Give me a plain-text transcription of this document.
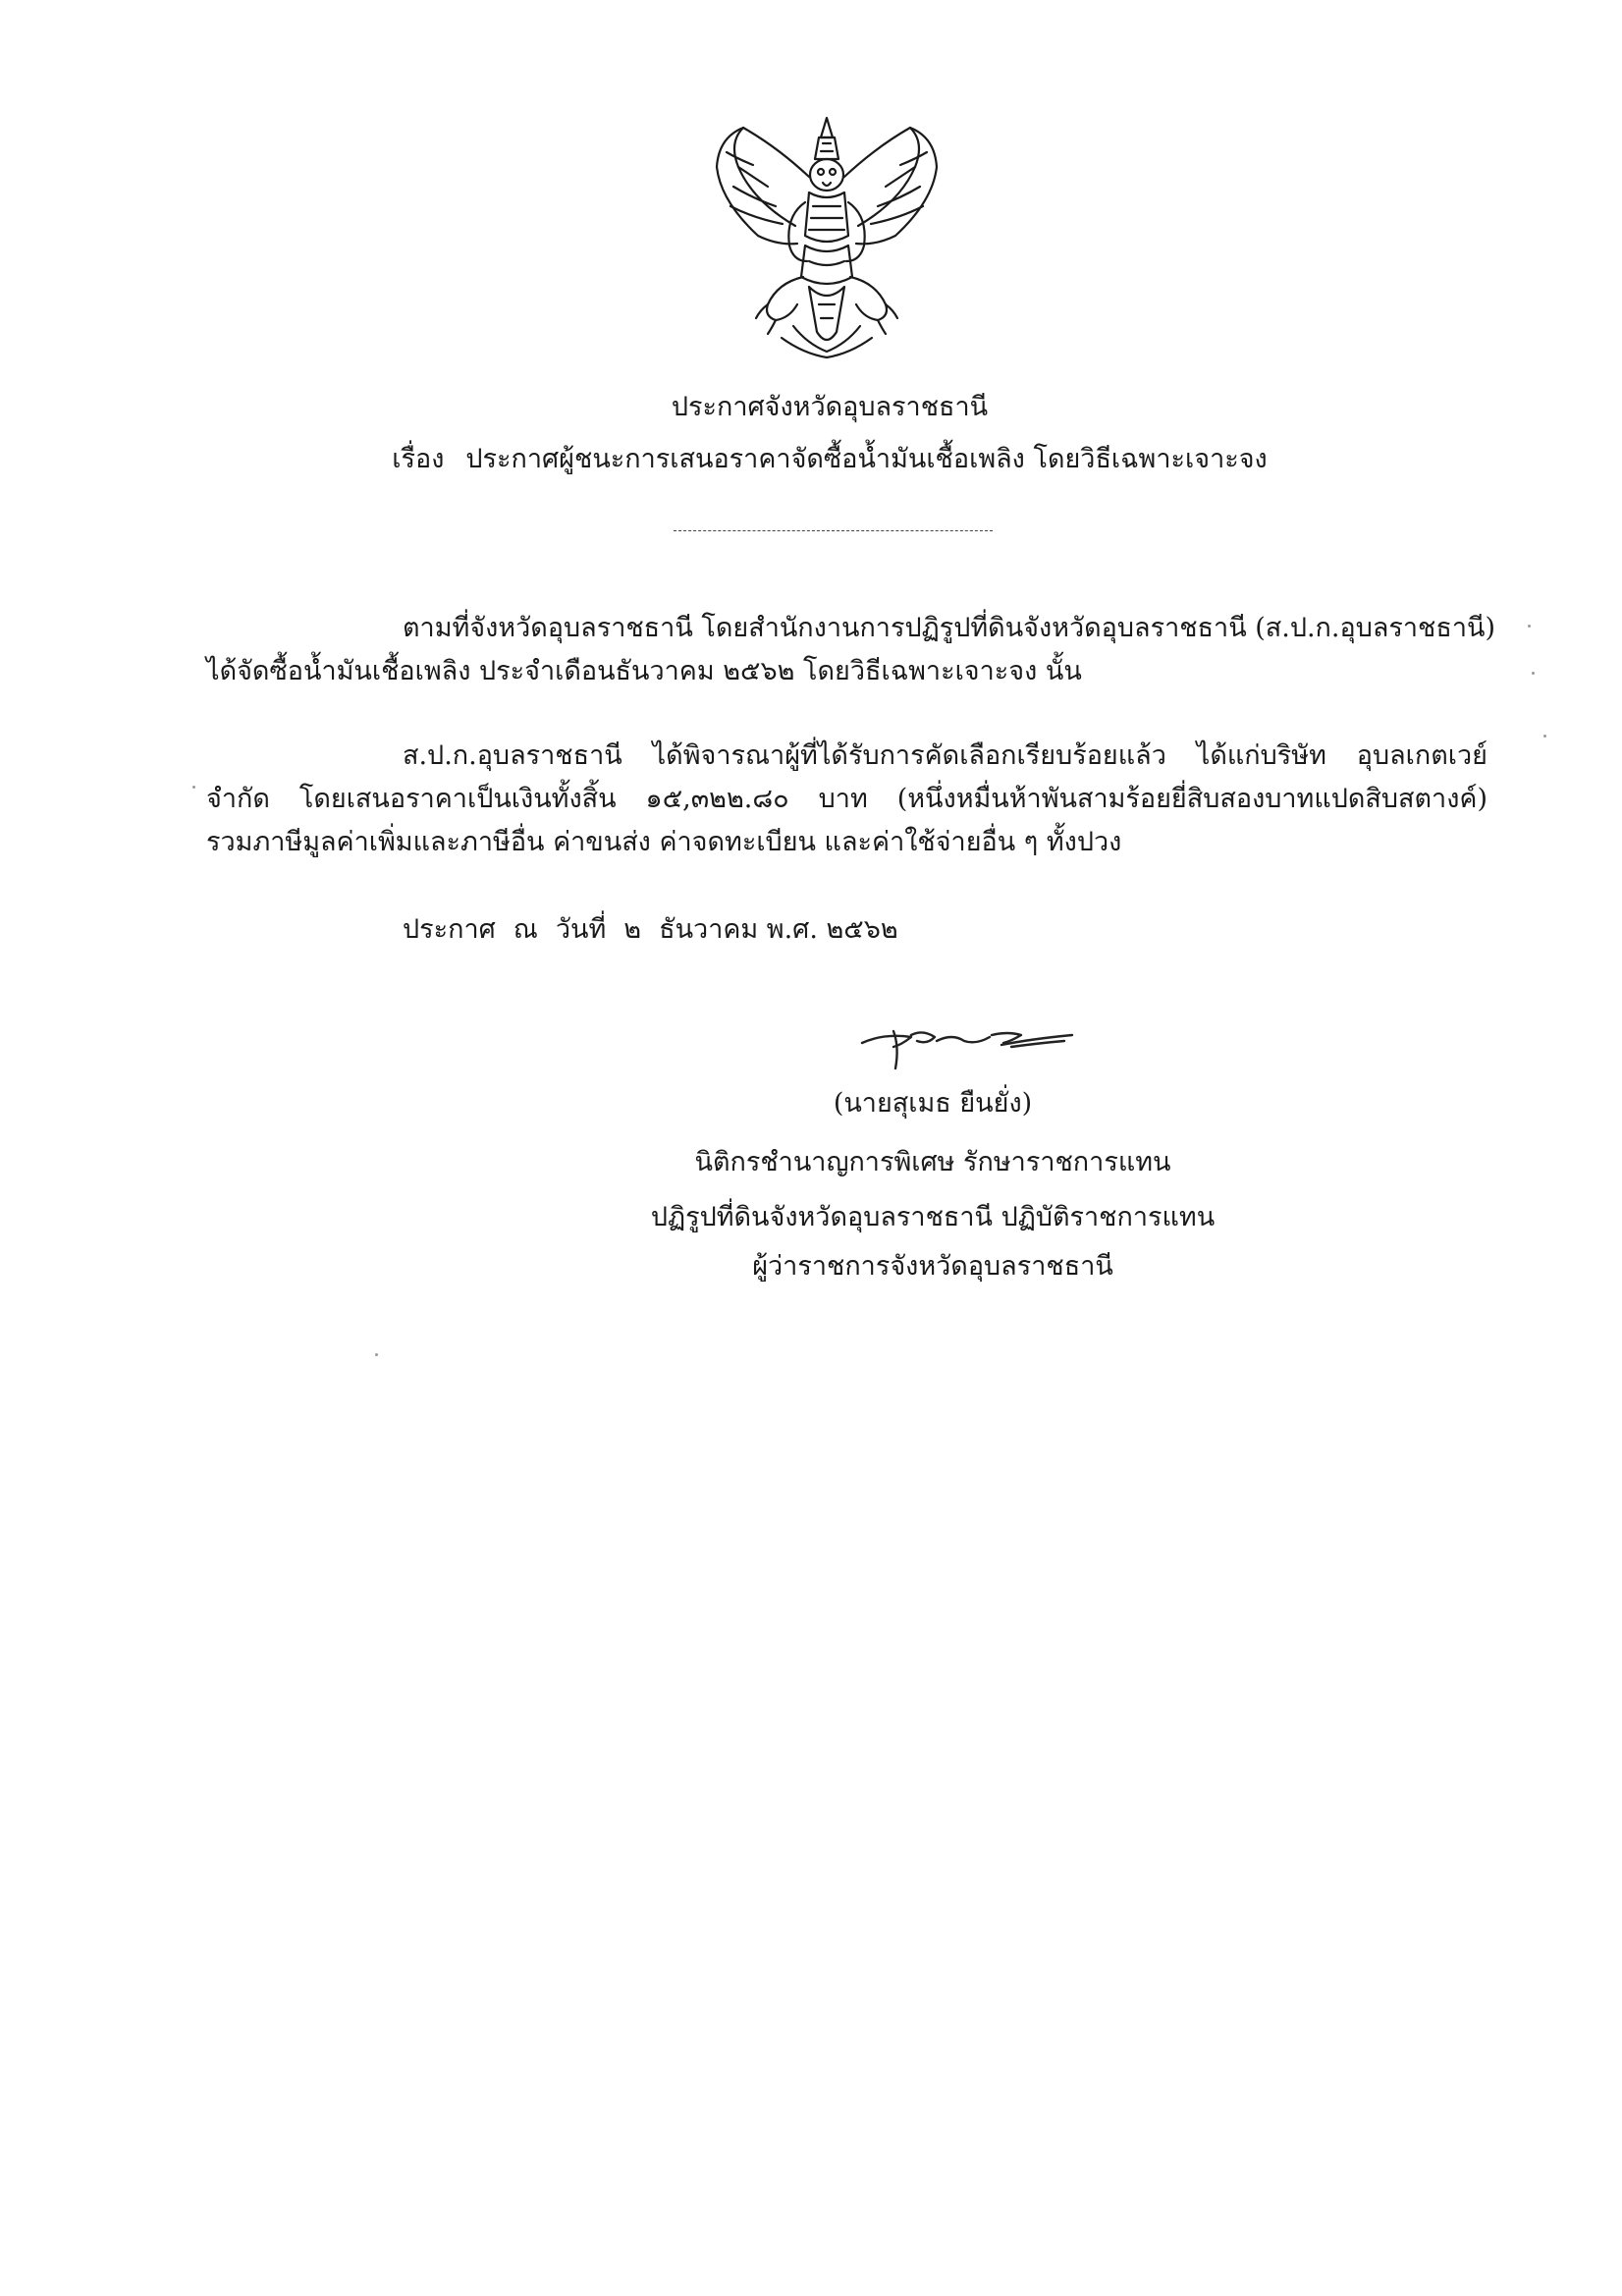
ประกาศจังหวัดอุบลราชธานี
เรื่อง ประกาศผู้ชนะการเสนอราคาจัดซื้อน้ำมันเชื้อเพลิง โดยวิธีเฉพาะเจาะจง
ตามที่จังหวัดอุบลราชธานี โดยสำนักงานการปฏิรูปที่ดินจังหวัดอุบลราชธานี (ส.ป.ก.อุบลราชธานี)
ได้จัดซื้อน้ำมันเชื้อเพลิง ประจำเดือนธันวาคม ๒๕๖๒ โดยวิธีเฉพาะเจาะจง นั้น
ส.ป.ก.อุบลราชธานี ได้พิจารณาผู้ที่ได้รับการคัดเลือกเรียบร้อยแล้ว ได้แก่บริษัท อุบลเกตเวย์
จำกัด โดยเสนอราคาเป็นเงินทั้งสิ้น ๑๕,๓๒๒.๘๐ บาท (หนึ่งหมื่นห้าพันสามร้อยยี่สิบสองบาทแปดสิบสตางค์)
รวมภาษีมูลค่าเพิ่มและภาษีอื่น ค่าขนส่ง ค่าจดทะเบียน และค่าใช้จ่ายอื่น ๆ ทั้งปวง
ประกาศ ณ วันที่ ๒ ธันวาคม พ.ศ. ๒๕๖๒
(นายสุเมธ ยืนยั่ง)
นิติกรชำนาญการพิเศษ รักษาราชการแทน
ปฏิรูปที่ดินจังหวัดอุบลราชธานี ปฏิบัติราชการแทน
ผู้ว่าราชการจังหวัดอุบลราชธานี
